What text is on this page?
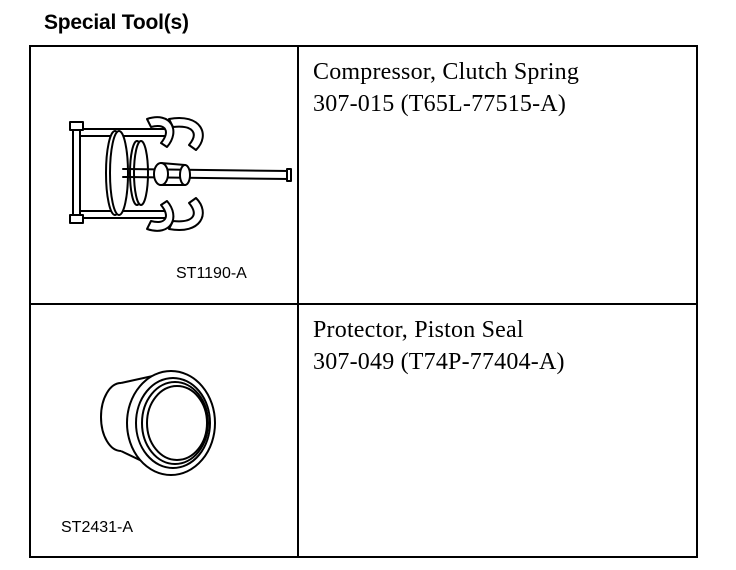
Special Tool(s)
ST1190-A
Compressor, Clutch Spring
307-015 (T65L-77515-A)
ST2431-A
Protector, Piston Seal
307-049 (T74P-77404-A)
